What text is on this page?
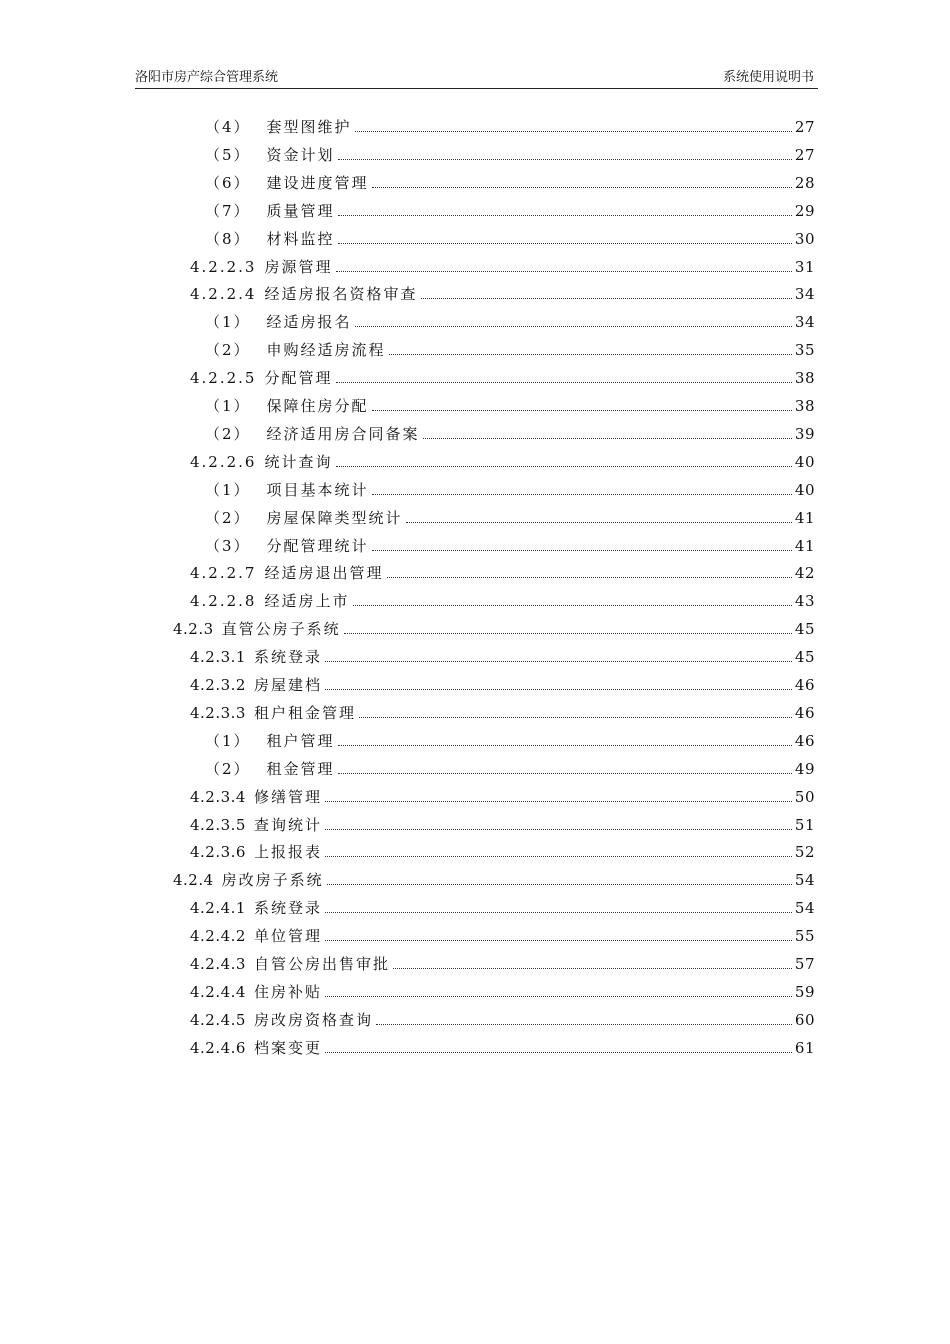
洛阳市房产综合管理系统	系统使用说明书
（4） 套型图维护	27
（5） 资金计划	27
（6） 建设进度管理	28
（7） 质量管理	29
（8） 材料监控	30
4.2.2.3 房源管理	31
4.2.2.4 经适房报名资格审查	34
（1） 经适房报名	34
（2） 申购经适房流程	35
4.2.2.5 分配管理	38
（1） 保障住房分配	38
（2） 经济适用房合同备案	39
4.2.2.6 统计查询	40
（1） 项目基本统计	40
（2） 房屋保障类型统计	41
（3） 分配管理统计	41
4.2.2.7 经适房退出管理	42
4.2.2.8 经适房上市	43
4.2.3 直管公房子系统	45
4.2.3.1 系统登录	45
4.2.3.2 房屋建档	46
4.2.3.3 租户租金管理	46
（1） 租户管理	46
（2） 租金管理	49
4.2.3.4 修缮管理	50
4.2.3.5 查询统计	51
4.2.3.6 上报报表	52
4.2.4 房改房子系统	54
4.2.4.1 系统登录	54
4.2.4.2 单位管理	55
4.2.4.3 自管公房出售审批	57
4.2.4.4 住房补贴	59
4.2.4.5 房改房资格查询	60
4.2.4.6 档案变更	61
